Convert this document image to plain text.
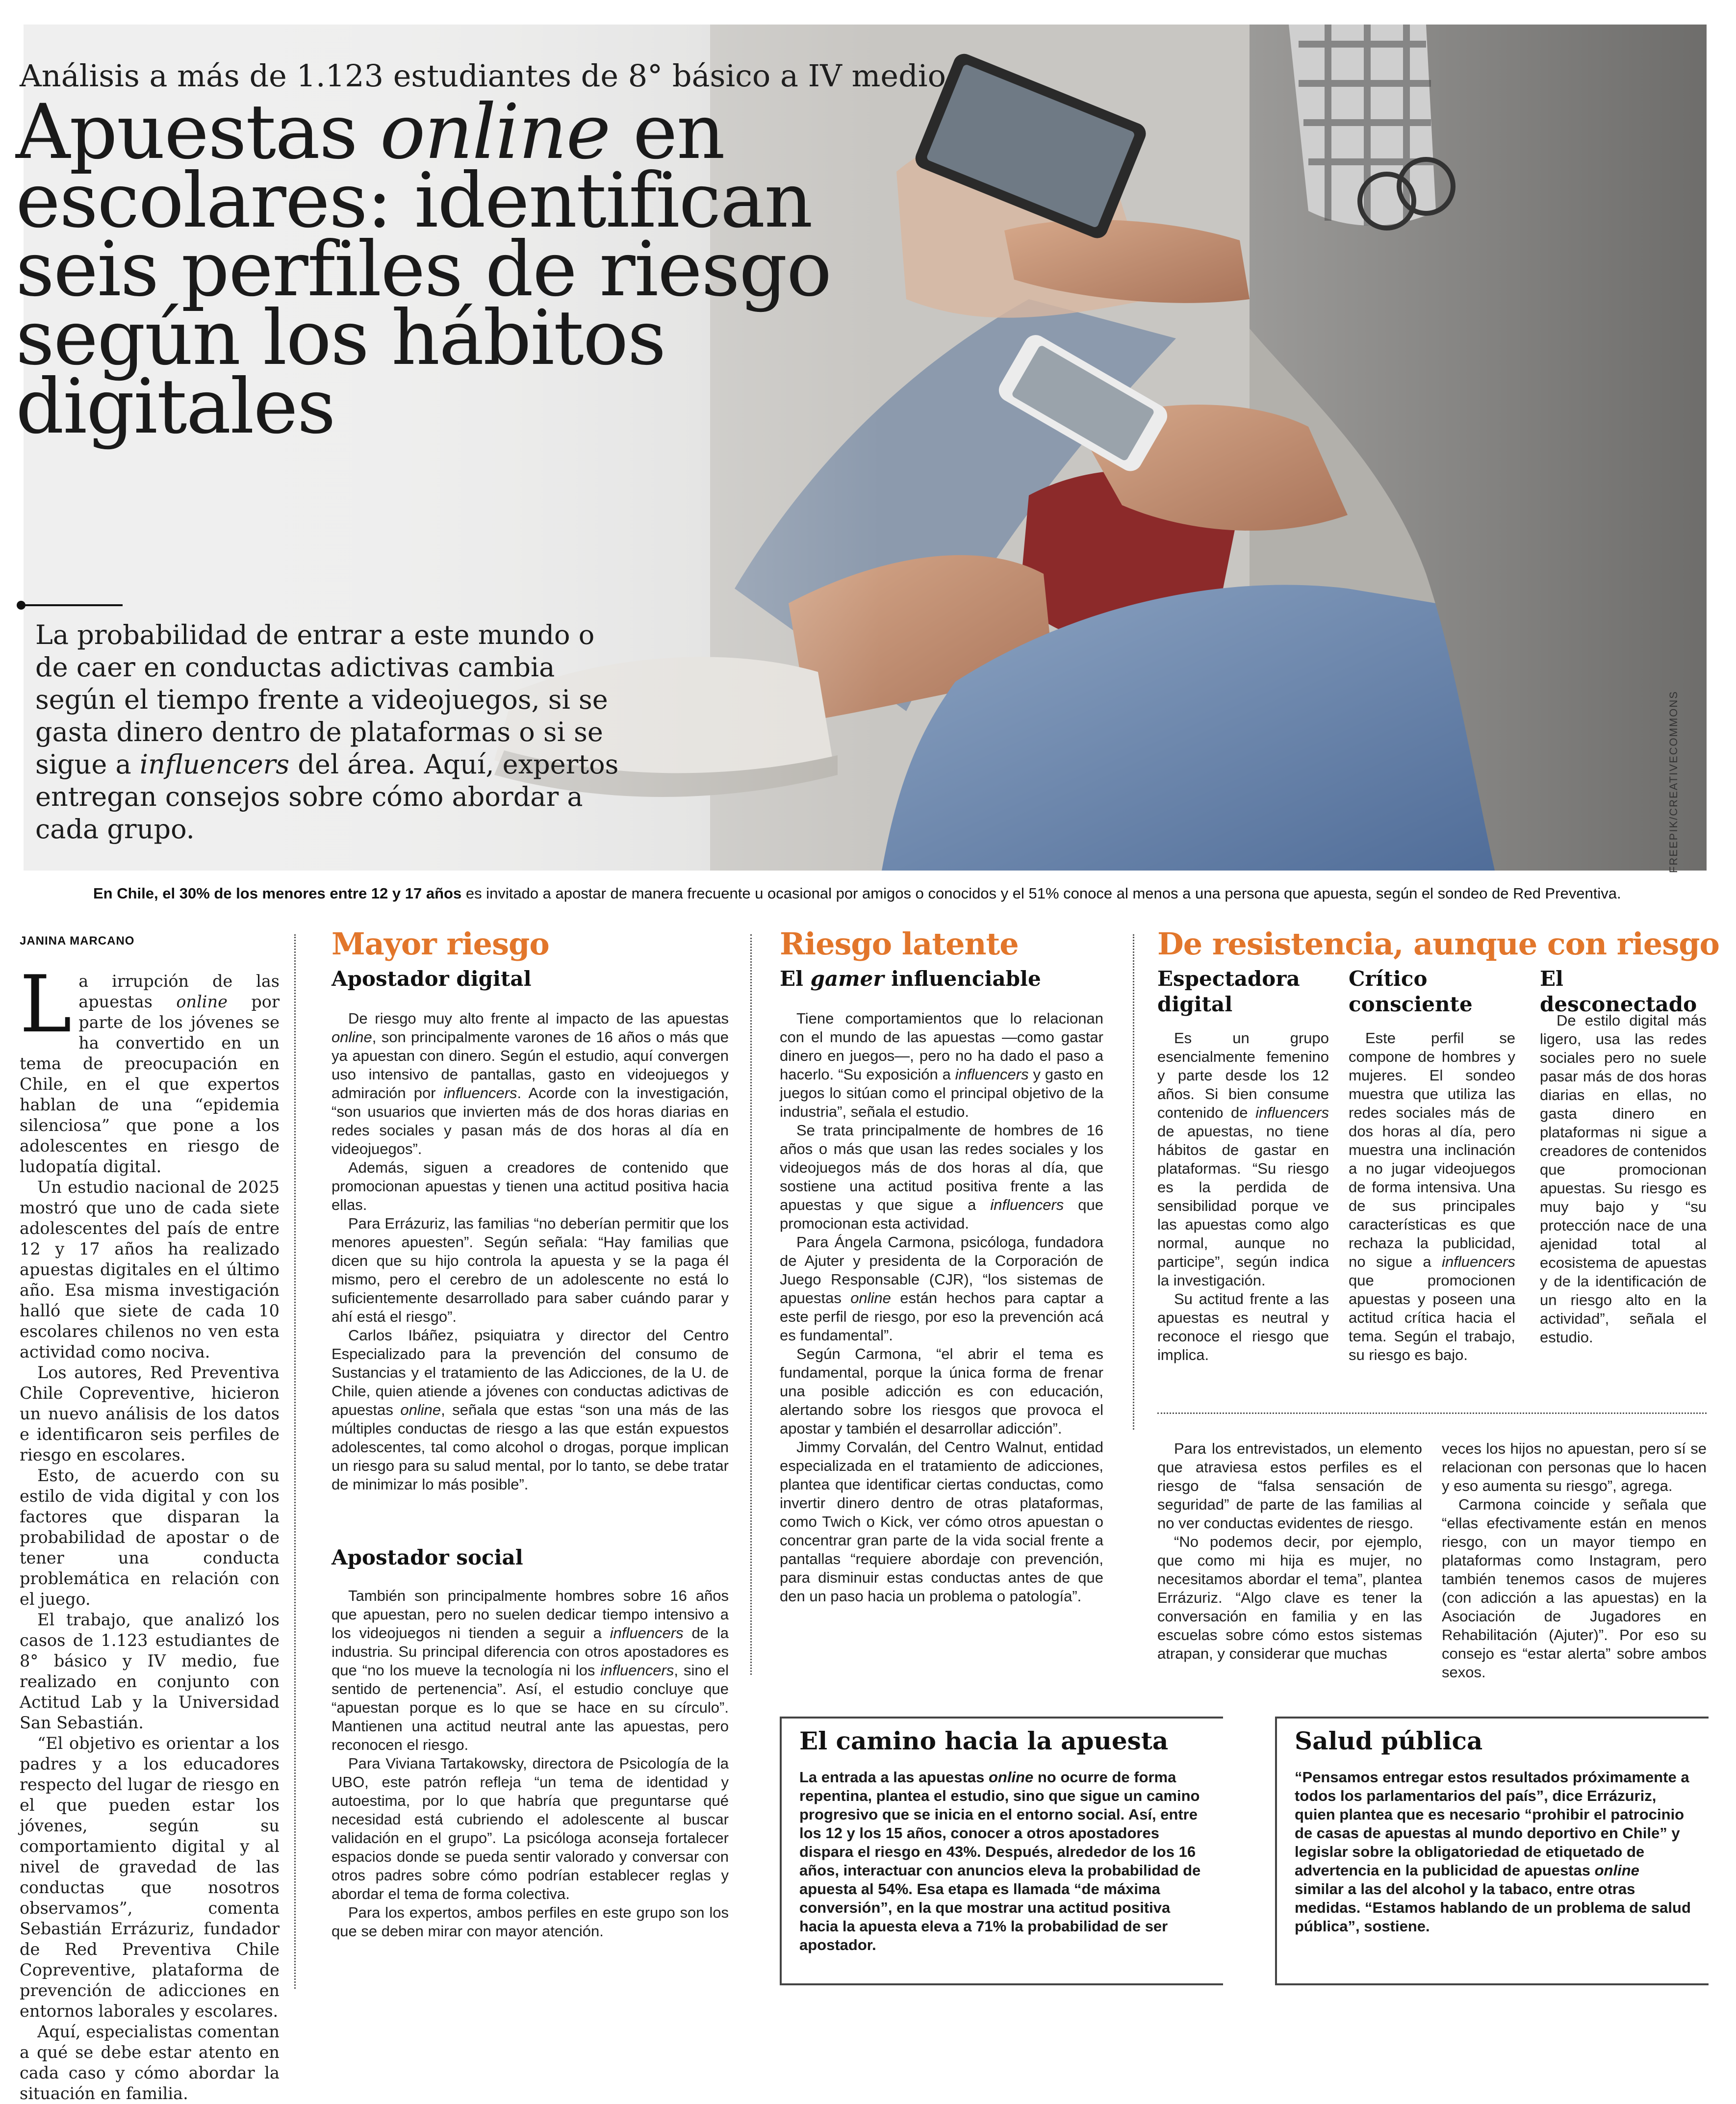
FREEPIK/CREATIVECOMMONS
Análisis a más de 1.123 estudiantes de 8° básico a IV medio
Apuestas online en escolares: identifican seis perfiles de riesgo según los hábitos digitales

La probabilidad de entrar a este mundo o de caer en conductas adictivas cambia según el tiempo frente a videojuegos, si se gasta dinero dentro de plataformas o si se sigue a influencers del área. Aquí, expertos entregan consejos sobre cómo abordar a cada grupo.

En Chile, el 30% de los menores entre 12 y 17 años es invitado a apostar de manera frecuente u ocasional por amigos o conocidos y el 51% conoce al menos a una persona que apuesta, según el sondeo de Red Preventiva.
JANINA MARCANO

La irrupción de las apuestas online por parte de los jóvenes se ha convertido en un tema de preocupación en Chile, en el que expertos hablan de una “epidemia silenciosa” que pone a los adolescentes en riesgo de ludopatía digital.

Un estudio nacional de 2025 mostró que uno de cada siete adolescentes del país de entre 12 y 17 años ha realizado apuestas digitales en el último año. Esa misma investigación halló que siete de cada 10 escolares chilenos no ven esta actividad como nociva.

Los autores, Red Preventiva Chile Copreventive, hicieron un nuevo análisis de los datos e identificaron seis perfiles de riesgo en escolares.

Esto, de acuerdo con su estilo de vida digital y con los factores que disparan la probabilidad de apostar o de tener una conducta problemática en relación con el juego.

El trabajo, que analizó los casos de 1.123 estudiantes de 8° básico y IV medio, fue realizado en conjunto con Actitud Lab y la Universidad San Sebastián.

“El objetivo es orientar a los padres y a los educadores respecto del lugar de riesgo en el que pueden estar los jóvenes, según su comportamiento digital y al nivel de gravedad de las conductas que nosotros observamos”, comenta Sebastián Errázuriz, fundador de Red Preventiva Chile Copreventive, plataforma de prevención de adicciones en entornos laborales y escolares.

Aquí, especialistas comentan a qué se debe estar atento en cada caso y cómo abordar la situación en familia.

Mayor riesgo
Apostador digital

De riesgo muy alto frente al impacto de las apuestas online, son principalmente varones de 16 años o más que ya apuestan con dinero. Según el estudio, aquí convergen uso intensivo de pantallas, gasto en videojuegos y admiración por influencers. Acorde con la investigación, “son usuarios que invierten más de dos horas diarias en redes sociales y pasan más de dos horas al día en videojuegos”.

Además, siguen a creadores de contenido que promocionan apuestas y tienen una actitud positiva hacia ellas.

Para Errázuriz, las familias “no deberían permitir que los menores apuesten”. Según señala: “Hay familias que dicen que su hijo controla la apuesta y se la paga él mismo, pero el cerebro de un adolescente no está lo suficientemente desarrollado para saber cuándo parar y ahí está el riesgo”.

Carlos Ibáñez, psiquiatra y director del Centro Especializado para la prevención del consumo de Sustancias y el tratamiento de las Adicciones, de la U. de Chile, quien atiende a jóvenes con conductas adictivas de apuestas online, señala que estas “son una más de las múltiples conductas de riesgo a las que están expuestos adolescentes, tal como alcohol o drogas, porque implican un riesgo para su salud mental, por lo tanto, se debe tratar de minimizar lo más posible”.

Apostador social

También son principalmente hombres sobre 16 años que apuestan, pero no suelen dedicar tiempo intensivo a los videojuegos ni tienden a seguir a influencers de la industria. Su principal diferencia con otros apostadores es que “no los mueve la tecnología ni los influencers, sino el sentido de pertenencia”. Así, el estudio concluye que “apuestan porque es lo que se hace en su círculo”. Mantienen una actitud neutral ante las apuestas, pero reconocen el riesgo.

Para Viviana Tartakowsky, directora de Psicología de la UBO, este patrón refleja “un tema de identidad y autoestima, por lo que habría que preguntarse qué necesidad está cubriendo el adolescente al buscar validación en el grupo”. La psicóloga aconseja fortalecer espacios donde se pueda sentir valorado y conversar con otros padres sobre cómo podrían establecer reglas y abordar el tema de forma colectiva.

Para los expertos, ambos perfiles en este grupo son los que se deben mirar con mayor atención.

Riesgo latente
El gamer influenciable

Tiene comportamientos que lo relacionan con el mundo de las apuestas —como gastar dinero en juegos—, pero no ha dado el paso a hacerlo. “Su exposición a influencers y gasto en juegos lo sitúan como el principal objetivo de la industria”, señala el estudio.

Se trata principalmente de hombres de 16 años o más que usan las redes sociales y los videojuegos más de dos horas al día, que sostiene una actitud positiva frente a las apuestas y que sigue a influencers que promocionan esta actividad.

Para Ángela Carmona, psicóloga, fundadora de Ajuter y presidenta de la Corporación de Juego Responsable (CJR), “los sistemas de apuestas online están hechos para captar a este perfil de riesgo, por eso la prevención acá es fundamental”.

Según Carmona, “el abrir el tema es fundamental, porque la única forma de frenar una posible adicción es con educación, alertando sobre los riesgos que provoca el apostar y también el desarrollar adicción”.

Jimmy Corvalán, del Centro Walnut, entidad especializada en el tratamiento de adicciones, plantea que identificar ciertas conductas, como invertir dinero dentro de otras plataformas, como Twich o Kick, ver cómo otros apuestan o concentrar gran parte de la vida social frente a pantallas “requiere abordaje con prevención, para disminuir estas conductas antes de que den un paso hacia un problema o patología”.

De resistencia, aunque con riesgo
Espectadora digital

Es un grupo esencialmente femenino y parte desde los 12 años. Si bien consume contenido de influencers de apuestas, no tiene hábitos de gastar en plataformas. “Su riesgo es la perdida de sensibilidad porque ve las apuestas como algo normal, aunque no participe”, según indica la investigación.

Su actitud frente a las apuestas es neutral y reconoce el riesgo que implica.

Crítico consciente

Este perfil se compone de hombres y mujeres. El sondeo muestra que utiliza las redes sociales más de dos horas al día, pero muestra una inclinación a no jugar videojuegos de forma intensiva. Una de sus principales características es que rechaza la publicidad, no sigue a influencers que promocionen apuestas y poseen una actitud crítica hacia el tema. Según el trabajo, su riesgo es bajo.

El desconectado

De estilo digital más ligero, usa las redes sociales pero no suele pasar más de dos horas diarias en ellas, no gasta dinero en plataformas ni sigue a creadores de contenidos que promocionan apuestas. Su riesgo es muy bajo y “su protección nace de una ajenidad total al ecosistema de apuestas y de la identificación de un riesgo alto en la actividad”, señala el estudio.

Para los entrevistados, un elemento que atraviesa estos perfiles es el riesgo de “falsa sensación de seguridad” de parte de las familias al no ver conductas evidentes de riesgo.

“No podemos decir, por ejemplo, que como mi hija es mujer, no necesitamos abordar el tema”, plantea Errázuriz. “Algo clave es tener la conversación en familia y en las escuelas sobre cómo estos sistemas atrapan, y considerar que muchas

veces los hijos no apuestan, pero sí se relacionan con personas que lo hacen y eso aumenta su riesgo”, agrega.

Carmona coincide y señala que “ellas efectivamente están en menos riesgo, con un mayor tiempo en plataformas como Instagram, pero también tenemos casos de mujeres (con adicción a las apuestas) en la Asociación de Jugadores en Rehabilitación (Ajuter)”. Por eso su consejo es “estar alerta” sobre ambos sexos.

El camino hacia la apuesta

La entrada a las apuestas online no ocurre de forma repentina, plantea el estudio, sino que sigue un camino progresivo que se inicia en el entorno social. Así, entre los 12 y los 15 años, conocer a otros apostadores dispara el riesgo en 43%. Después, alrededor de los 16 años, interactuar con anuncios eleva la probabilidad de apuesta al 54%. Esa etapa es llamada “de máxima conversión”, en la que mostrar una actitud positiva hacia la apuesta eleva a 71% la probabilidad de ser apostador.

Salud pública

“Pensamos entregar estos resultados próximamente a todos los parlamentarios del país”, dice Errázuriz, quien plantea que es necesario “prohibir el patrocinio de casas de apuestas al mundo deportivo en Chile” y legislar sobre la obligatoriedad de etiquetado de advertencia en la publicidad de apuestas online similar a las del alcohol y la tabaco, entre otras medidas. “Estamos hablando de un problema de salud pública”, sostiene.
